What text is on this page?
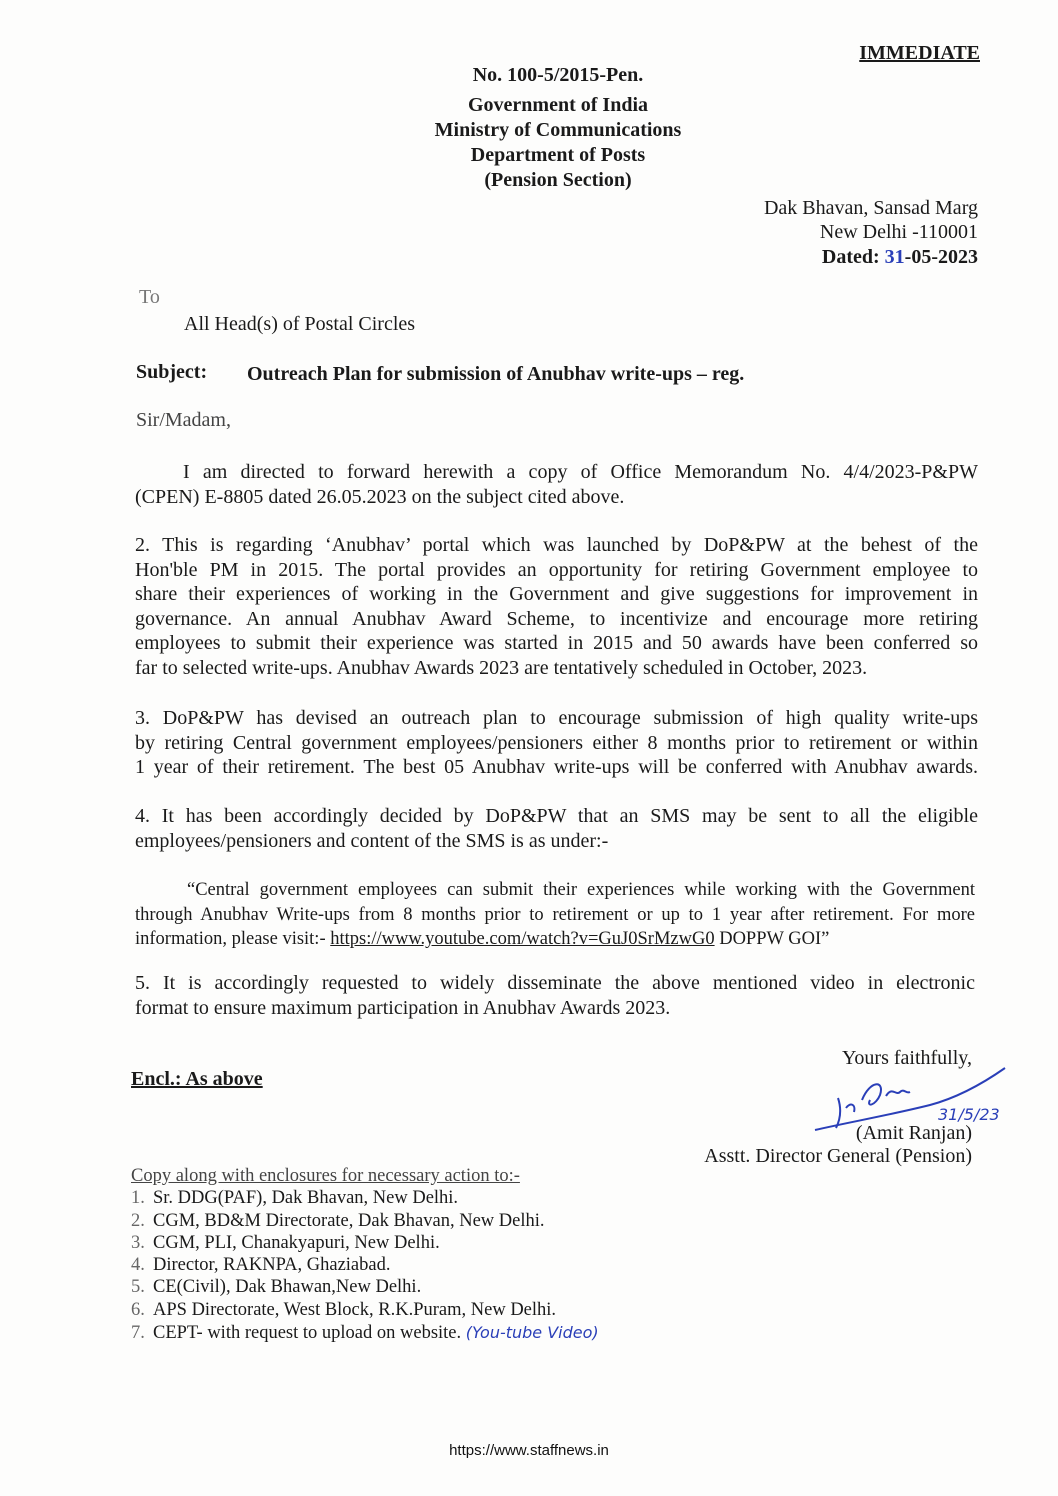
IMMEDIATE
No. 100-5/2015-Pen.
Government of India
Ministry of Communications
Department of Posts
(Pension Section)
Dak Bhavan, Sansad Marg
New Delhi -110001
Dated: 31-05-2023
To
All Head(s) of Postal Circles
Subject: Outreach Plan for submission of Anubhav write-ups – reg.
Sir/Madam,
I am directed to forward herewith a copy of Office Memorandum No. 4/4/2023-P&PW
(CPEN) E-8805 dated 26.05.2023 on the subject cited above.
2. This is regarding ‘Anubhav’ portal which was launched by DoP&PW at the behest of the
Hon'ble PM in 2015. The portal provides an opportunity for retiring Government employee to
share their experiences of working in the Government and give suggestions for improvement in
governance. An annual Anubhav Award Scheme, to incentivize and encourage more retiring
employees to submit their experience was started in 2015 and 50 awards have been conferred so
far to selected write-ups. Anubhav Awards 2023 are tentatively scheduled in October, 2023.
3. DoP&PW has devised an outreach plan to encourage submission of high quality write-ups
by retiring Central government employees/pensioners either 8 months prior to retirement or within
1 year of their retirement. The best 05 Anubhav write-ups will be conferred with Anubhav awards.
4. It has been accordingly decided by DoP&PW that an SMS may be sent to all the eligible
employees/pensioners and content of the SMS is as under:-
“Central government employees can submit their experiences while working with the Government
through Anubhav Write-ups from 8 months prior to retirement or up to 1 year after retirement. For more
information, please visit:- https://www.youtube.com/watch?v=GuJ0SrMzwG0 DOPPW GOI”
5. It is accordingly requested to widely disseminate the above mentioned video in electronic
format to ensure maximum participation in Anubhav Awards 2023.
Encl.: As above
Yours faithfully,
31/5/23
(Amit Ranjan)
Asstt. Director General (Pension)
Copy along with enclosures for necessary action to:-
1. Sr. DDG(PAF), Dak Bhavan, New Delhi.
2. CGM, BD&M Directorate, Dak Bhavan, New Delhi.
3. CGM, PLI, Chanakyapuri, New Delhi.
4. Director, RAKNPA, Ghaziabad.
5. CE(Civil), Dak Bhawan,New Delhi.
6. APS Directorate, West Block, R.K.Puram, New Delhi.
7. CEPT- with request to upload on website. (You-tube Video)
https://www.staffnews.in
